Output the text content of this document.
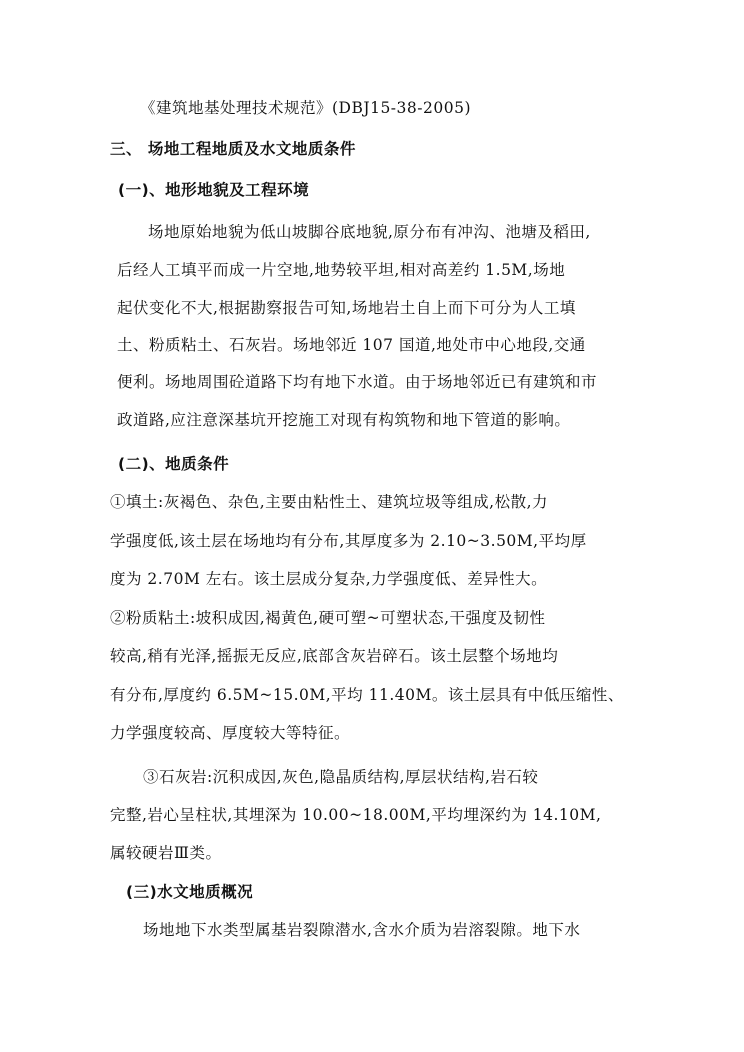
《建筑地基处理技术规范》(DBJ15-38-2005)
三、 场地工程地质及水文地质条件
(一)、地形地貌及工程环境
场地原始地貌为低山坡脚谷底地貌,原分布有冲沟、池塘及稻田,
后经人工填平而成一片空地,地势较平坦,相对高差约 1.5M,场地
起伏变化不大,根据勘察报告可知,场地岩土自上而下可分为人工填
土、粉质粘土、石灰岩。场地邻近 107 国道,地处市中心地段,交通
便利。场地周围砼道路下均有地下水道。由于场地邻近已有建筑和市
政道路,应注意深基坑开挖施工对现有构筑物和地下管道的影响。
(二)、地质条件
①填土:灰褐色、杂色,主要由粘性土、建筑垃圾等组成,松散,力
学强度低,该土层在场地均有分布,其厚度多为 2.10~3.50M,平均厚
度为 2.70M 左右。该土层成分复杂,力学强度低、差异性大。
②粉质粘土:坡积成因,褐黄色,硬可塑~可塑状态,干强度及韧性
较高,稍有光泽,摇振无反应,底部含灰岩碎石。该土层整个场地均
有分布,厚度约 6.5M~15.0M,平均 11.40M。该土层具有中低压缩性、
力学强度较高、厚度较大等特征。
③石灰岩:沉积成因,灰色,隐晶质结构,厚层状结构,岩石较
完整,岩心呈柱状,其埋深为 10.00~18.00M,平均埋深约为 14.10M,
属较硬岩Ⅲ类。
(三)水文地质概况
场地地下水类型属基岩裂隙潜水,含水介质为岩溶裂隙。地下水
